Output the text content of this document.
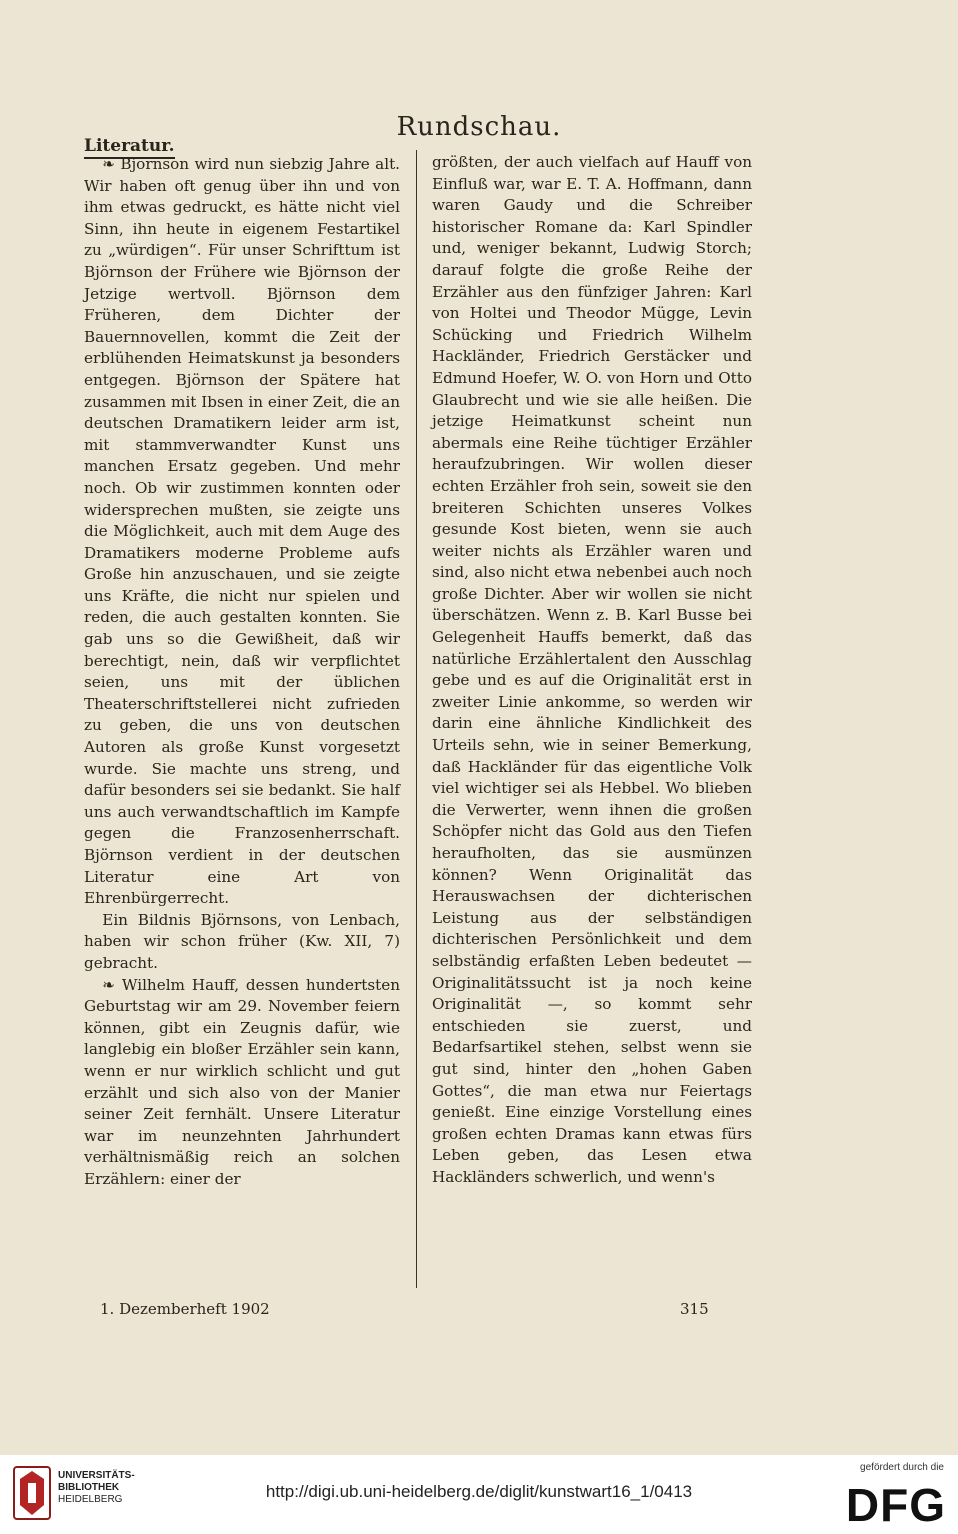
Rundschau.
Literatur.

❧ Björnson wird nun siebzig Jahre alt. Wir haben oft genug über ihn und von ihm etwas gedruckt, es hätte nicht viel Sinn, ihn heute in eigenem Festartikel zu „würdigen“. Für unser Schrifttum ist Björnson der Frühere wie Björnson der Jetzige wertvoll. Björnson dem Früheren, dem Dichter der Bauernnovellen, kommt die Zeit der erblühenden Heimatskunst ja besonders entgegen. Björnson der Spätere hat zusammen mit Ibsen in einer Zeit, die an deutschen Dramatikern leider arm ist, mit stammverwandter Kunst uns manchen Ersatz gegeben. Und mehr noch. Ob wir zustimmen konnten oder widersprechen mußten, sie zeigte uns die Möglichkeit, auch mit dem Auge des Dramatikers moderne Probleme aufs Große hin anzuschauen, und sie zeigte uns Kräfte, die nicht nur spielen und reden, die auch gestalten konnten. Sie gab uns so die Gewißheit, daß wir berechtigt, nein, daß wir verpflichtet seien, uns mit der üblichen Theaterschriftstellerei nicht zufrieden zu geben, die uns von deutschen Autoren als große Kunst vorgesetzt wurde. Sie machte uns streng, und dafür besonders sei sie bedankt. Sie half uns auch verwandtschaftlich im Kampfe gegen die Franzosenherrschaft. Björnson verdient in der deutschen Literatur eine Art von Ehrenbürgerrecht.

Ein Bildnis Björnsons, von Lenbach, haben wir schon früher (Kw. XII, 7) gebracht.

❧ Wilhelm Hauff, dessen hundertsten Geburtstag wir am 29. November feiern können, gibt ein Zeugnis dafür, wie langlebig ein bloßer Erzähler sein kann, wenn er nur wirklich schlicht und gut erzählt und sich also von der Manier seiner Zeit fernhält. Unsere Literatur war im neunzehnten Jahrhundert verhältnismäßig reich an solchen Erzählern: einer der

größten, der auch vielfach auf Hauff von Einfluß war, war E. T. A. Hoffmann, dann waren Gaudy und die Schreiber historischer Romane da: Karl Spindler und, weniger bekannt, Ludwig Storch; darauf folgte die große Reihe der Erzähler aus den fünfziger Jahren: Karl von Holtei und Theodor Mügge, Levin Schücking und Friedrich Wilhelm Hackländer, Friedrich Gerstäcker und Edmund Hoefer, W. O. von Horn und Otto Glaubrecht und wie sie alle heißen. Die jetzige Heimatkunst scheint nun abermals eine Reihe tüchtiger Erzähler heraufzubringen. Wir wollen dieser echten Erzähler froh sein, soweit sie den breiteren Schichten unseres Volkes gesunde Kost bieten, wenn sie auch weiter nichts als Erzähler waren und sind, also nicht etwa nebenbei auch noch große Dichter. Aber wir wollen sie nicht überschätzen. Wenn z. B. Karl Busse bei Gelegenheit Hauffs bemerkt, daß das natürliche Erzählertalent den Ausschlag gebe und es auf die Originalität erst in zweiter Linie ankomme, so werden wir darin eine ähnliche Kindlichkeit des Urteils sehn, wie in seiner Bemerkung, daß Hackländer für das eigentliche Volk viel wichtiger sei als Hebbel. Wo blieben die Verwerter, wenn ihnen die großen Schöpfer nicht das Gold aus den Tiefen heraufholten, das sie ausmünzen können? Wenn Originalität das Herauswachsen der dichterischen Leistung aus der selbständigen dichterischen Persönlichkeit und dem selbständig erfaßten Leben bedeutet — Originalitätssucht ist ja noch keine Originalität —, so kommt sehr entschieden sie zuerst, und Bedarfsartikel stehen, selbst wenn sie gut sind, hinter den „hohen Gaben Gottes“, die man etwa nur Feiertags genießt. Eine einzige Vorstellung eines großen echten Dramas kann etwas fürs Leben geben, das Lesen etwa Hackländers schwerlich, und wenn's

1. Dezemberheft 1902	315
UNIVERSITÄTS-
BIBLIOTHEK
HEIDELBERG	http://digi.ub.uni-heidelberg.de/diglit/kunstwart16_1/0413
gefördert durch die
DFG
